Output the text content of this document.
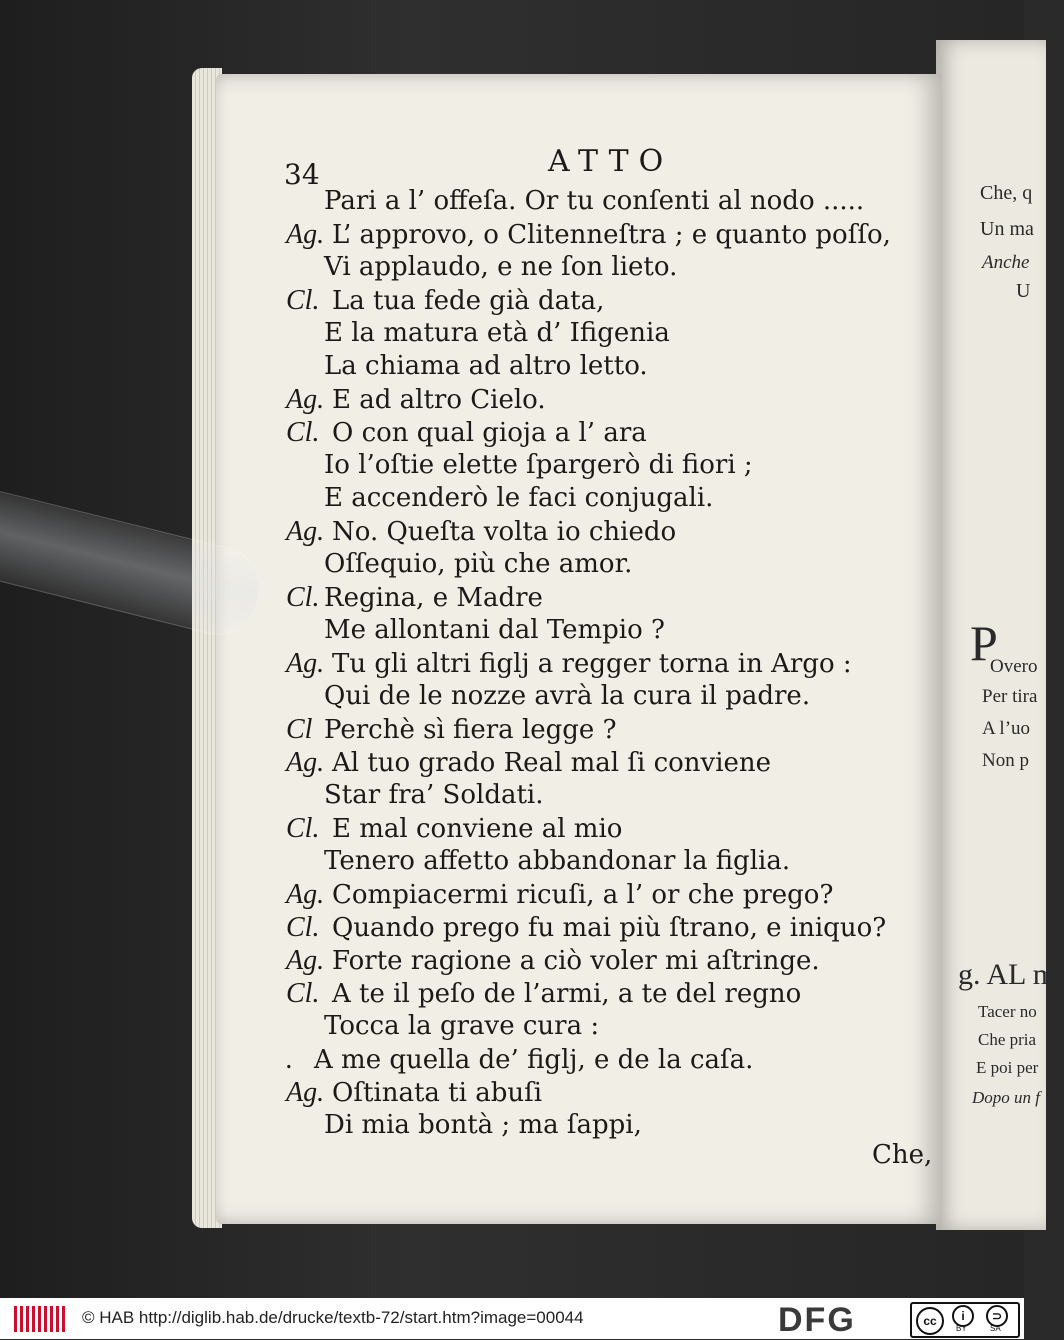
Che, q
Un ma
Anche
U
P
Overo
Per tira
A l’uo
Non p
g. AL mi
Tacer no
Che pria
E poi per
Dopo un f
34	ATTO
Pari a l’ offeſa. Or tu conſenti al nodo .....
Ag. L’ approvo, o Clitenneſtra ; e quanto poſſo,
Vi applaudo, e ne ſon lieto.
Cl. La tua fede già data,
E la matura età d’ Ifigenia
La chiama ad altro letto.
Ag. E ad altro Cielo.
Cl. O con qual gioja a l’ ara
Io l’oſtie elette ſpargerò di fiori ;
E accenderò le faci conjugali.
Ag. No. Queſta volta io chiedo
Oſſequio, più che amor.
Cl. Regina, e Madre
Me allontani dal Tempio ?
Ag. Tu gli altri figlj a regger torna in Argo :
Qui de le nozze avrà la cura il padre.
Cl Perchè sì fiera legge ?
Ag. Al tuo grado Real mal ſi conviene
Star fra’ Soldati.
Cl. E mal conviene al mio
Tenero affetto abbandonar la figlia.
Ag. Compiacermi ricuſi, a l’ or che prego?
Cl. Quando prego fu mai più ſtrano, e iniquo?
Ag. Forte ragione a ciò voler mi aſtringe.
Cl. A te il peſo de l’armi, a te del regno
Tocca la grave cura :
. A me quella de’ figlj, e de la caſa.
Ag. Oſtinata ti abuſi
Di mia bontà ; ma ſappi,
Che,
© HAB http://diglib.hab.de/drucke/textb-72/start.htm?image=00044	DFG	cc	i	⊃
BY	SA
